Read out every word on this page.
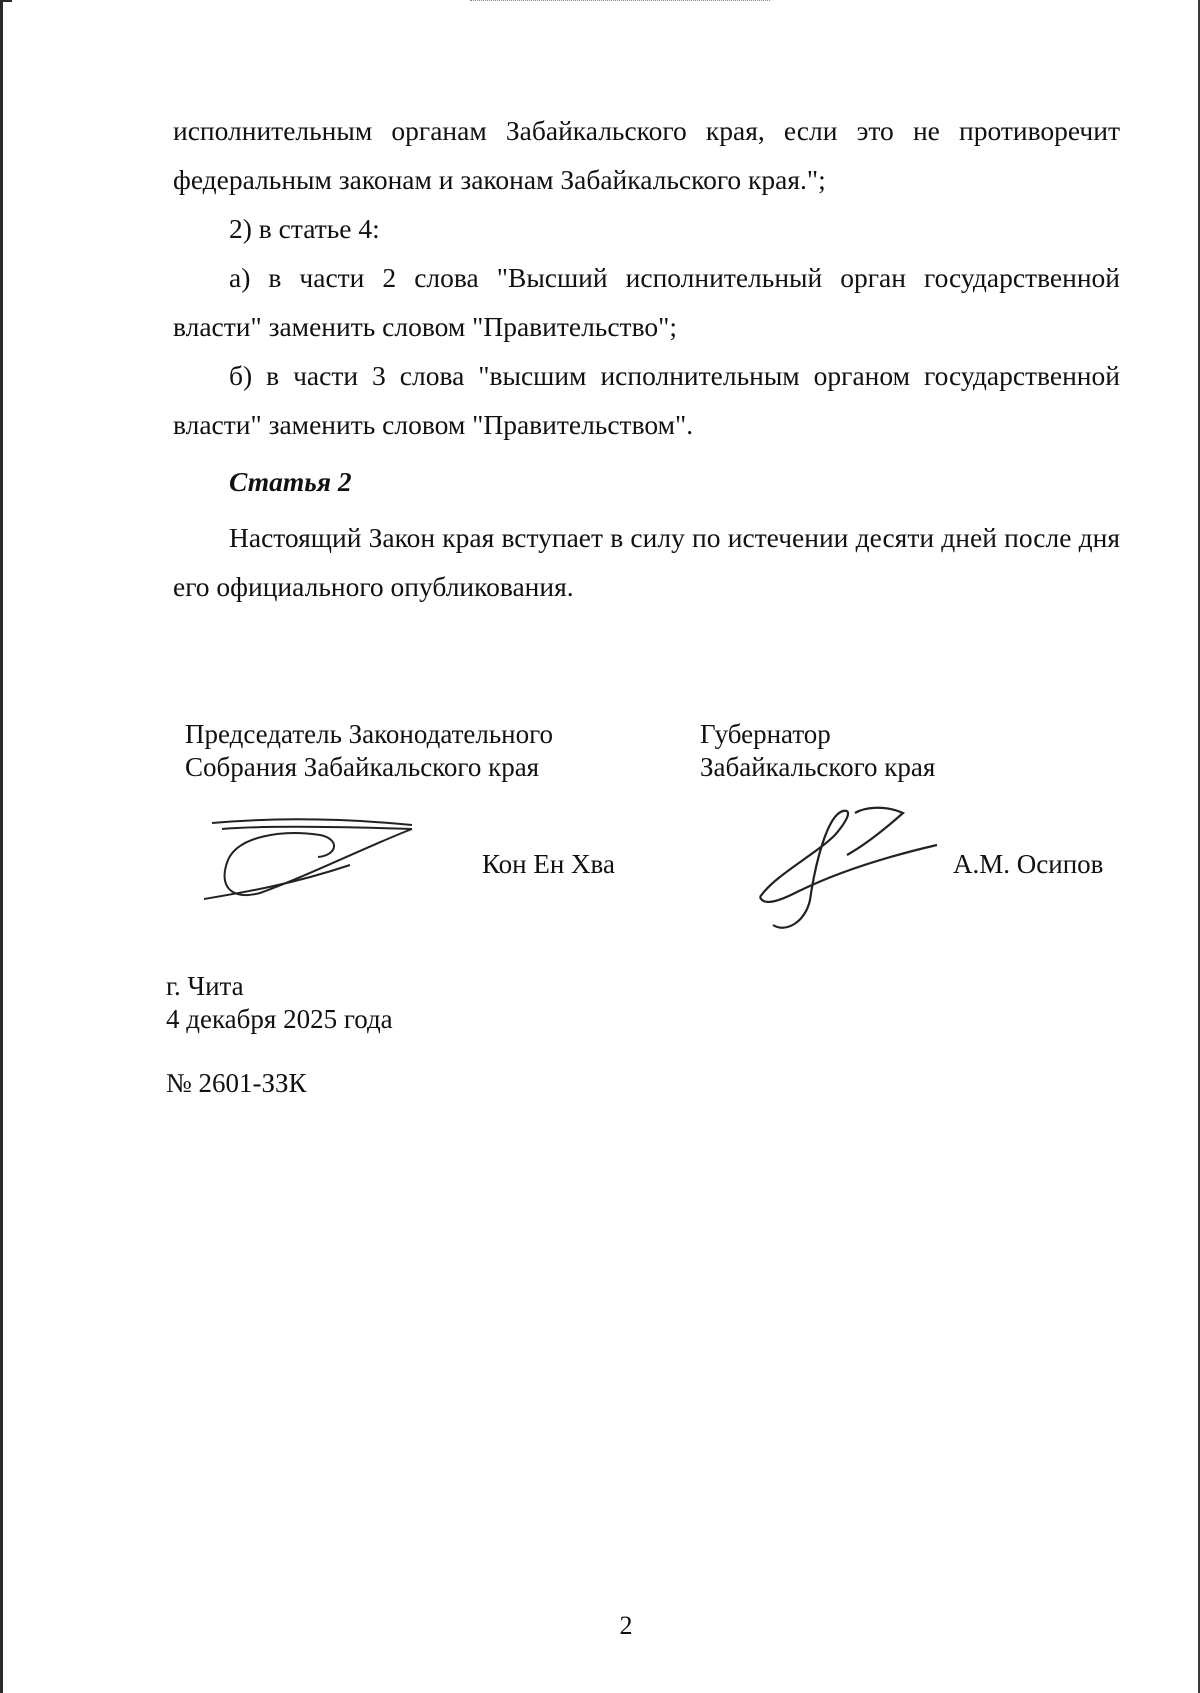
исполнительным органам Забайкальского края, если это не противоречит федеральным законам и законам Забайкальского края.";

2) в статье 4:

а) в части 2 слова "Высший исполнительный орган государственной власти" заменить словом "Правительство";

б) в части 3 слова "высшим исполнительным органом государственной власти" заменить словом "Правительством".

Статья 2

Настоящий Закон края вступает в силу по истечении десяти дней после дня его официального опубликования.

Председатель Законодательного
Собрания Забайкальского края
Кон Ен Хва
Губернатор
Забайкальского края
А.М. Осипов
г. Чита
4 декабря 2025 года
№ 2601-ЗЗК
2
